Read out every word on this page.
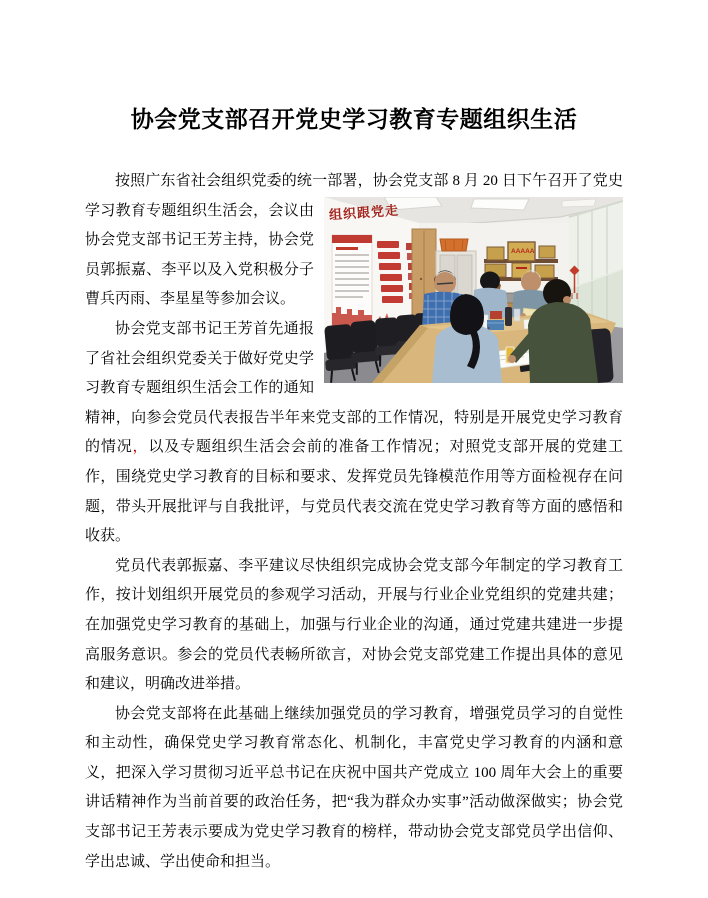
协会党支部召开党史学习教育专题组织生活

按照广东省社会组织党委的统一部署，协会党支部 8 月 20 日下午召开了党
组织跟党走
AAAAA
史学习教育专题组织生活会，会议由协会党支部书记王芳主持，协会党员郭振嘉、李平以及入党积极分子曹兵丙雨、李星星等参加会议。

协会党支部书记王芳首先通报了省社会组织党委关于做好党史学习教育专题组织生活会工作的通知精神，向参会党员代表报告半年来党支部的工作情况，特别是开展党史学习教育的情况，以及专题组织生活会会前的准备工作情况；对照党支部开展的党建工作，围绕党史学习教育的目标和要求、发挥党员先锋模范作用等方面检视存在问题，带头开展批评与自我批评，与党员代表交流在党史学习教育等方面的感悟和收获。

党员代表郭振嘉、李平建议尽快组织完成协会党支部今年制定的学习教育工作，按计划组织开展党员的参观学习活动，开展与行业企业党组织的党建共建；在加强党史学习教育的基础上，加强与行业企业的沟通，通过党建共建进一步提高服务意识。参会的党员代表畅所欲言，对协会党支部党建工作提出具体的意见和建议，明确改进举措。

协会党支部将在此基础上继续加强党员的学习教育，增强党员学习的自觉性和主动性，确保党史学习教育常态化、机制化，丰富党史学习教育的内涵和意义，把深入学习贯彻习近平总书记在庆祝中国共产党成立 100 周年大会上的重要讲话精神作为当前首要的政治任务，把“我为群众办实事”活动做深做实；协会党支部书记王芳表示要成为党史学习教育的榜样，带动协会党支部党员学出信仰、学出忠诚、学出使命和担当。
